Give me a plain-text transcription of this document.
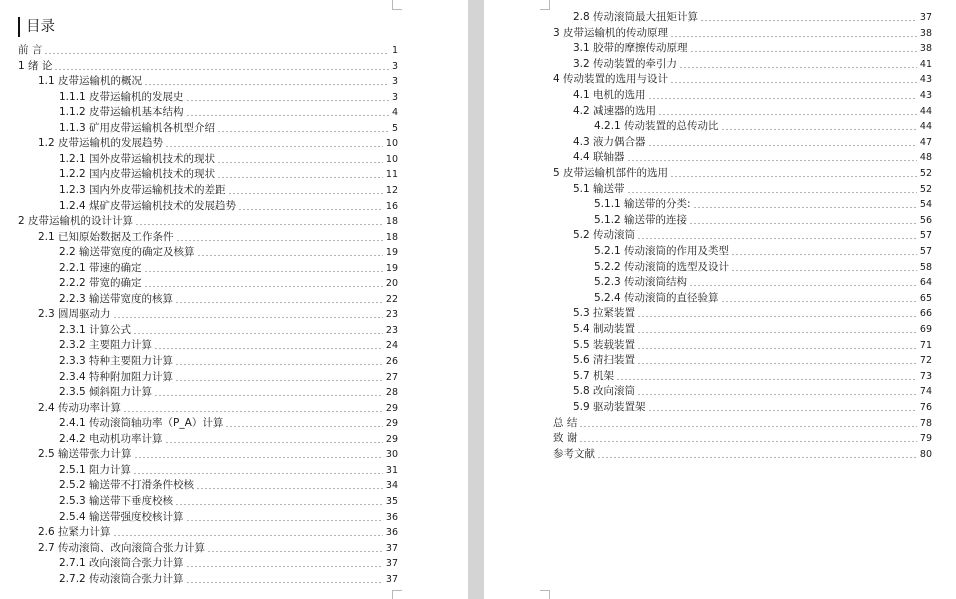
目录
前 言	1
1 绪 论	3
1.1 皮带运输机的概况	3
1.1.1 皮带运输机的发展史	3
1.1.2 皮带运输机基本结构	4
1.1.3 矿用皮带运输机各机型介绍	5
1.2 皮带运输机的发展趋势	10
1.2.1 国外皮带运输机技术的现状	10
1.2.2 国内皮带运输机技术的现状	11
1.2.3 国内外皮带运输机技术的差距	12
1.2.4 煤矿皮带运输机技术的发展趋势	16
2 皮带运输机的设计计算	18
2.1 已知原始数据及工作条件	18
2.2 输送带宽度的确定及核算	19
2.2.1 带速的确定	19
2.2.2 带宽的确定	20
2.2.3 输送带宽度的核算	22
2.3 圆周驱动力	23
2.3.1 计算公式	23
2.3.2 主要阻力计算	24
2.3.3 特种主要阻力计算	26
2.3.4 特种附加阻力计算	27
2.3.5 倾斜阻力计算	28
2.4 传动功率计算	29
2.4.1 传动滚筒轴功率（P_A）计算	29
2.4.2 电动机功率计算	29
2.5 输送带张力计算	30
2.5.1 阻力计算	31
2.5.2 输送带不打滑条件校核	34
2.5.3 输送带下垂度校核	35
2.5.4 输送带强度校核计算	36
2.6 拉紧力计算	36
2.7 传动滚筒、改向滚筒合张力计算	37
2.7.1 改向滚筒合张力计算	37
2.7.2 传动滚筒合张力计算	37
2.8 传动滚筒最大扭矩计算	37
3 皮带运输机的传动原理	38
3.1 胶带的摩擦传动原理	38
3.2 传动装置的牵引力	41
4 传动装置的选用与设计	43
4.1 电机的选用	43
4.2 减速器的选用	44
4.2.1 传动装置的总传动比	44
4.3 液力偶合器	47
4.4 联轴器	48
5 皮带运输机部件的选用	52
5.1 输送带	52
5.1.1 输送带的分类:	54
5.1.2 输送带的连接	56
5.2 传动滚筒	57
5.2.1 传动滚筒的作用及类型	57
5.2.2 传动滚筒的选型及设计	58
5.2.3 传动滚筒结构	64
5.2.4 传动滚筒的直径验算	65
5.3 拉紧装置	66
5.4 制动装置	69
5.5 装载装置	71
5.6 清扫装置	72
5.7 机架	73
5.8 改向滚筒	74
5.9 驱动装置架	76
总 结	78
致 谢	79
参考文献	80
